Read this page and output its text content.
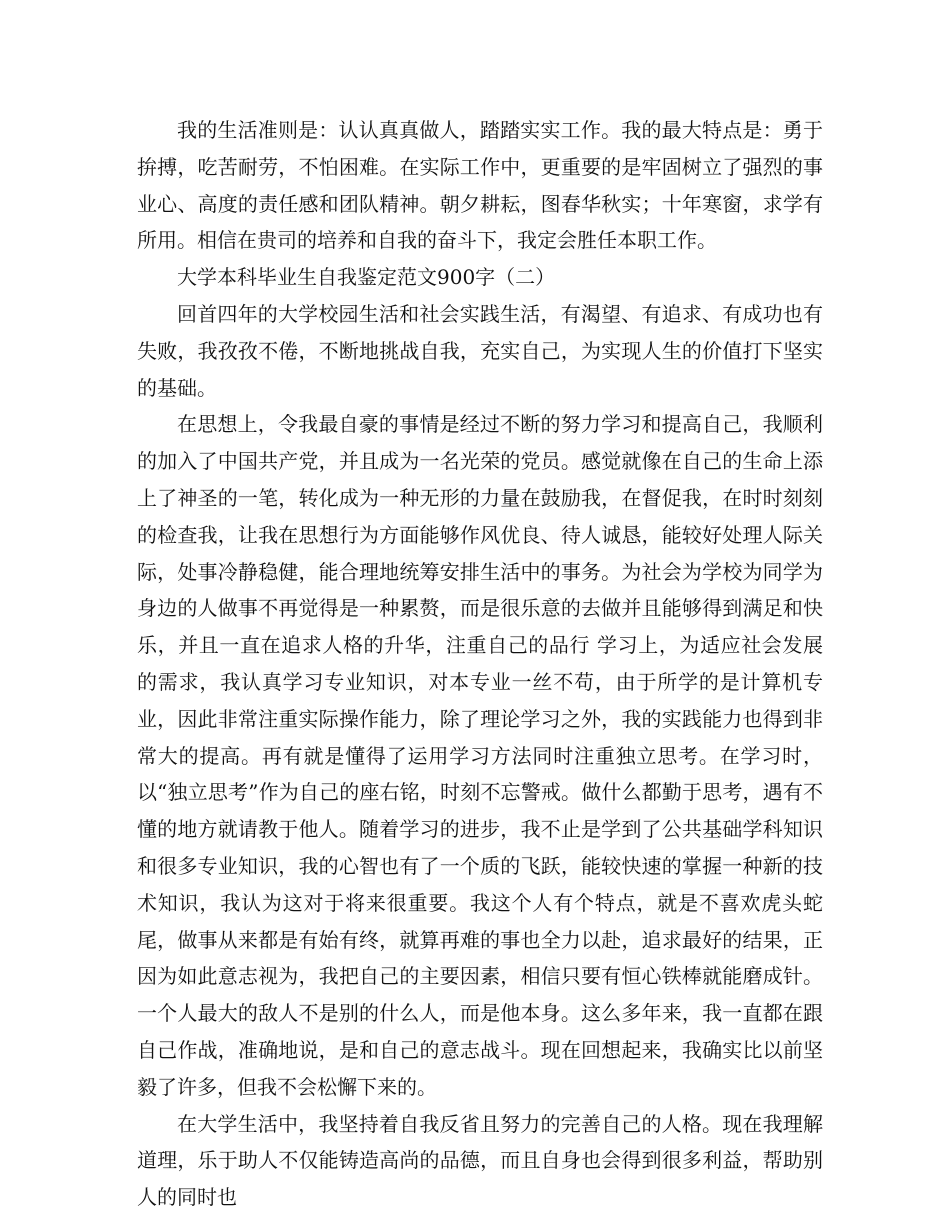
我的生活准则是：认认真真做人，踏踏实实工作。我的最大特点是：勇于拚搏，吃苦耐劳，不怕困难。在实际工作中，更重要的是牢固树立了强烈的事业心、高度的责任感和团队精神。朝夕耕耘，图春华秋实；十年寒窗，求学有所用。相信在贵司的培养和自我的奋斗下，我定会胜任本职工作。

大学本科毕业生自我鉴定范文900字（二）

回首四年的大学校园生活和社会实践生活，有渴望、有追求、有成功也有失败，我孜孜不倦，不断地挑战自我，充实自己，为实现人生的价值打下坚实的基础。

在思想上，令我最自豪的事情是经过不断的努力学习和提高自己，我顺利的加入了中国共产党，并且成为一名光荣的党员。感觉就像在自己的生命上添上了神圣的一笔，转化成为一种无形的力量在鼓励我，在督促我，在时时刻刻的检查我，让我在思想行为方面能够作风优良、待人诚恳，能较好处理人际关际，处事冷静稳健，能合理地统筹安排生活中的事务。为社会为学校为同学为身边的人做事不再觉得是一种累赘，而是很乐意的去做并且能够得到满足和快乐，并且一直在追求人格的升华，注重自己的品行 学习上，为适应社会发展的需求，我认真学习专业知识，对本专业一丝不苟，由于所学的是计算机专业，因此非常注重实际操作能力，除了理论学习之外，我的实践能力也得到非常大的提高。再有就是懂得了运用学习方法同时注重独立思考。在学习时，以“独立思考”作为自己的座右铭，时刻不忘警戒。做什么都勤于思考，遇有不懂的地方就请教于他人。随着学习的进步，我不止是学到了公共基础学科知识和很多专业知识，我的心智也有了一个质的飞跃，能较快速的掌握一种新的技术知识，我认为这对于将来很重要。我这个人有个特点，就是不喜欢虎头蛇尾，做事从来都是有始有终，就算再难的事也全力以赴，追求最好的结果，正因为如此意志视为，我把自己的主要因素，相信只要有恒心铁棒就能磨成针。一个人最大的敌人不是别的什么人，而是他本身。这么多年来，我一直都在跟自己作战，准确地说，是和自己的意志战斗。现在回想起来，我确实比以前坚毅了许多，但我不会松懈下来的。

在大学生活中，我坚持着自我反省且努力的完善自己的人格。现在我理解道理，乐于助人不仅能铸造高尚的品德，而且自身也会得到很多利益，帮助别人的同时也
